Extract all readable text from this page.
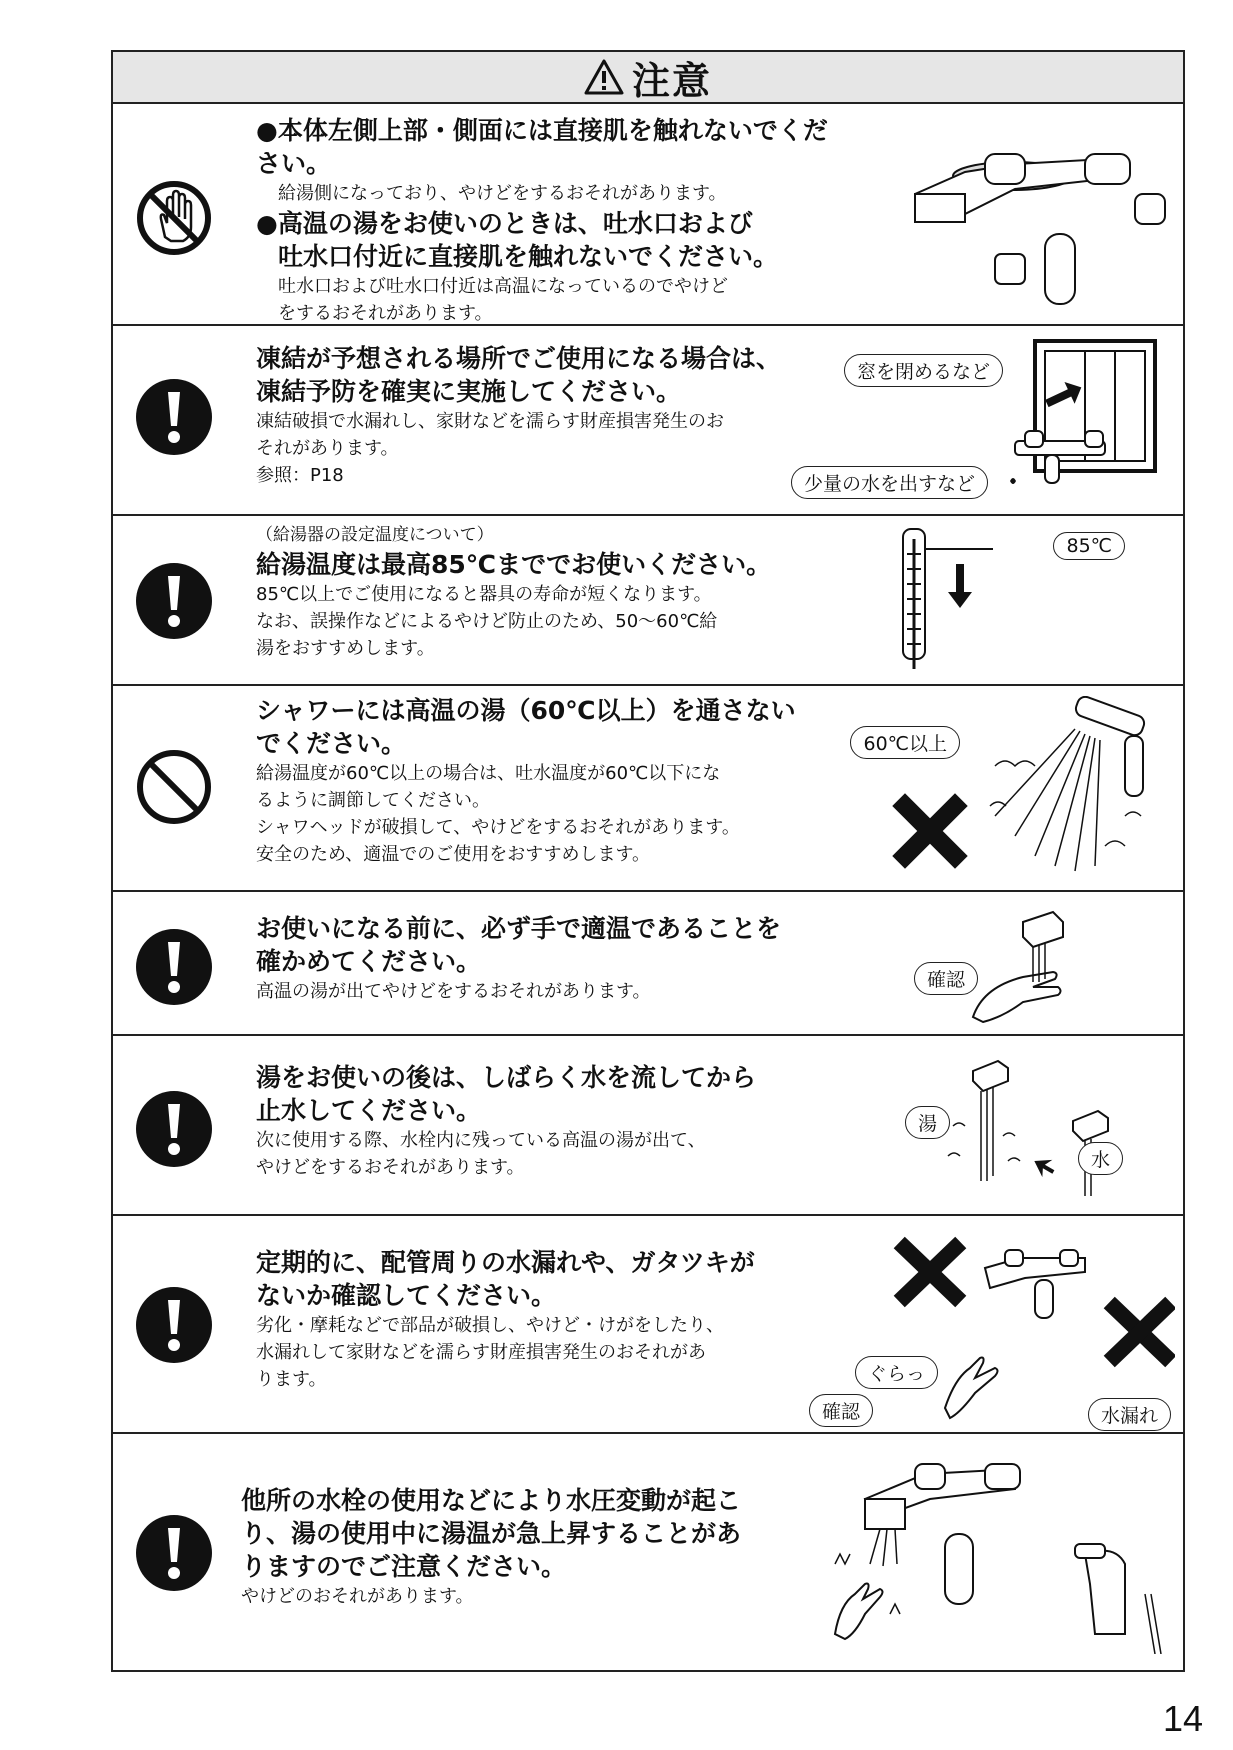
注意
●本体左側上部・側面には直接肌を触れないでください。
給湯側になっており、やけどをするおそれがあります。
●高温の湯をお使いのときは、吐水口および
吐水口付近に直接肌を触れないでください。
吐水口および吐水口付近は高温になっているのでやけど
をするおそれがあります。
凍結が予想される場所でご使用になる場合は、
凍結予防を確実に実施してください。
凍結破損で水漏れし、家財などを濡らす財産損害発生のお
それがあります。
参照：P18
窓を閉めるなど
少量の水を出すなど
（給湯器の設定温度について）
給湯温度は最高85℃まででお使いください。
85℃以上でご使用になると器具の寿命が短くなります。
なお、誤操作などによるやけど防止のため、50～60℃給
湯をおすすめします。
85℃
シャワーには高温の湯（60℃以上）を通さない
でください。
給湯温度が60℃以上の場合は、吐水温度が60℃以下にな
るように調節してください。
シャワヘッドが破損して、やけどをするおそれがあります。
安全のため、適温でのご使用をおすすめします。
60℃以上
お使いになる前に、必ず手で適温であることを
確かめてください。
高温の湯が出てやけどをするおそれがあります。
確認
湯をお使いの後は、しばらく水を流してから
止水してください。
次に使用する際、水栓内に残っている高温の湯が出て、
やけどをするおそれがあります。
湯
水
定期的に、配管周りの水漏れや、ガタツキが
ないか確認してください。
劣化・摩耗などで部品が破損し、やけど・けがをしたり、
水漏れして家財などを濡らす財産損害発生のおそれがあ
ります。	ぐらっ
確認	水漏れ
他所の水栓の使用などにより水圧変動が起こ
り、湯の使用中に湯温が急上昇することがあ
りますのでご注意ください。
やけどのおそれがあります。
14
